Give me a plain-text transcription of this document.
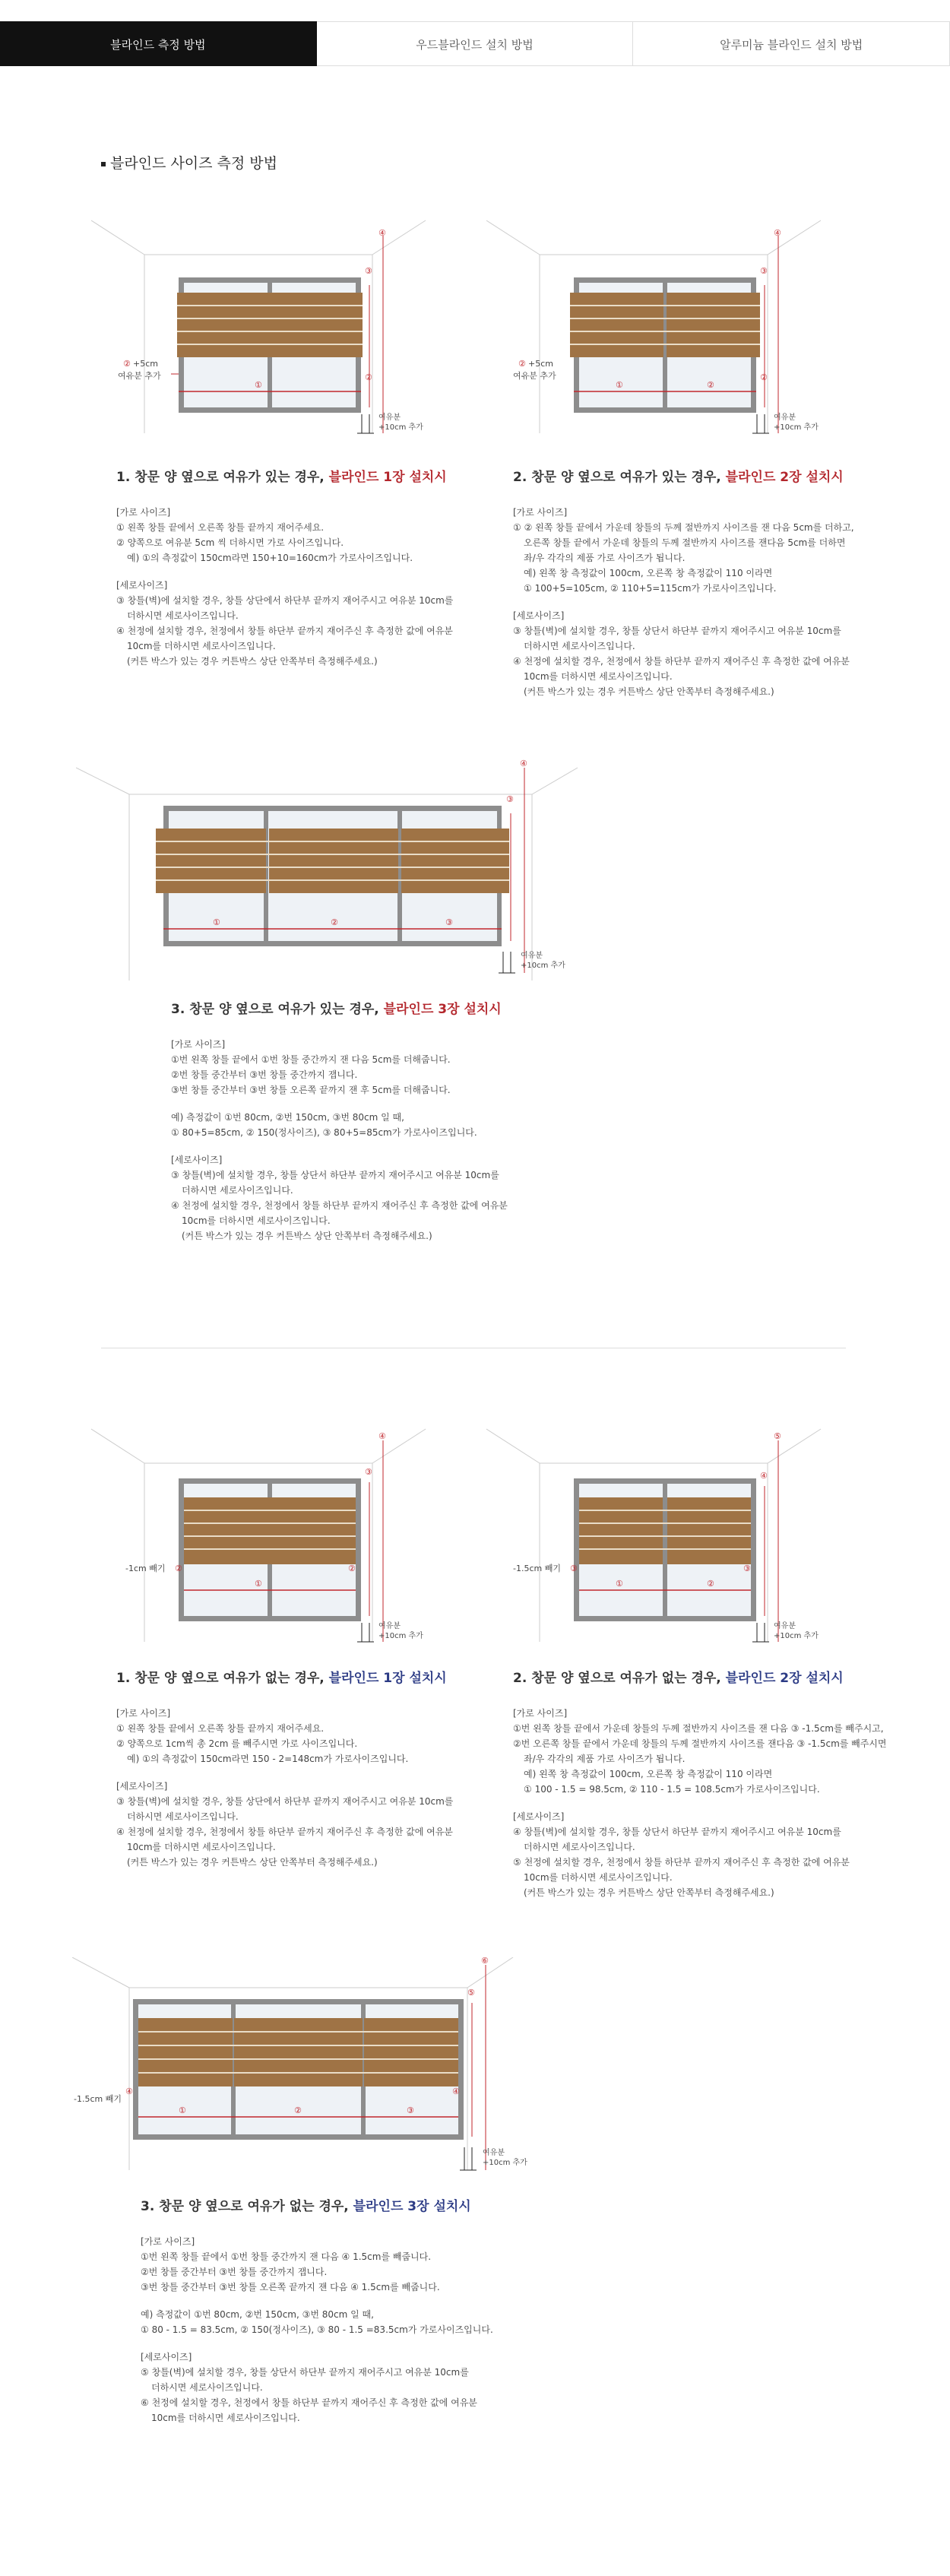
블라인드 측정 방법	우드블라인드 설치 방법	알루미늄 블라인드 설치 방법
블라인드 사이즈 측정 방법
①
②
③
④
② +5cm
여유분 추가
여유분
+10cm 추가
①	②
②
③
④
② +5cm
여유분 추가
여유분
+10cm 추가
1. 창문 양 옆으로 여유가 있는 경우, 블라인드 1장 설치시

[가로 사이즈]

① 왼쪽 창틀 끝에서 오른쪽 창틀 끝까지 재어주세요.

② 양쪽으로 여유분 5cm 씩 더하시면 가로 사이즈입니다.

예) ①의 측정값이 150cm라면 150+10=160cm가 가로사이즈입니다.

[세로사이즈]

③ 창틀(벽)에 설치할 경우, 창틀 상단에서 하단부 끝까지 재어주시고 여유분 10cm를

더하시면 세로사이즈입니다.

④ 천정에 설치할 경우, 천정에서 창틀 하단부 끝까지 재어주신 후 측정한 값에 여유분

10cm를 더하시면 세로사이즈입니다.

(커튼 박스가 있는 경우 커튼박스 상단 안쪽부터 측정해주세요.)

2. 창문 양 옆으로 여유가 있는 경우, 블라인드 2장 설치시

[가로 사이즈]

① ② 왼쪽 창틀 끝에서 가운데 창틀의 두께 절반까지 사이즈를 잰 다음 5cm를 더하고,

오른쪽 창틀 끝에서 가운데 창틀의 두께 절반까지 사이즈를 잰다음 5cm를 더하면

좌/우 각각의 제품 가로 사이즈가 됩니다.

예) 왼쪽 창 측정값이 100cm, 오른쪽 창 측정값이 110 이라면

① 100+5=105cm, ② 110+5=115cm가 가로사이즈입니다.

[세로사이즈]

③ 창틀(벽)에 설치할 경우, 창틀 상단서 하단부 끝까지 재어주시고 여유분 10cm를

더하시면 세로사이즈입니다.

④ 천정에 설치할 경우, 천정에서 창틀 하단부 끝까지 재어주신 후 측정한 값에 여유분

10cm를 더하시면 세로사이즈입니다.

(커튼 박스가 있는 경우 커튼박스 상단 안쪽부터 측정해주세요.)

①	②	③
③
④
여유분
+10cm 추가
3. 창문 양 옆으로 여유가 있는 경우, 블라인드 3장 설치시

[가로 사이즈]

①번 왼쪽 창틀 끝에서 ①번 창틀 중간까지 잰 다음 5cm를 더해줍니다.

②번 창틀 중간부터 ③번 창틀 중간까지 잽니다.

③번 창틀 중간부터 ③번 창틀 오른쪽 끝까지 잰 후 5cm를 더해줍니다.

예) 측정값이 ①번 80cm, ②번 150cm, ③번 80cm 일 때,

① 80+5=85cm, ② 150(정사이즈), ③ 80+5=85cm가 가로사이즈입니다.

[세로사이즈]

③ 창틀(벽)에 설치할 경우, 창틀 상단서 하단부 끝까지 재어주시고 여유분 10cm를

더하시면 세로사이즈입니다.

④ 천정에 설치할 경우, 천정에서 창틀 하단부 끝까지 재어주신 후 측정한 값에 여유분

10cm를 더하시면 세로사이즈입니다.

(커튼 박스가 있는 경우 커튼박스 상단 안쪽부터 측정해주세요.)

①
②
②
③
④
-1cm 빼기
여유분
+10cm 추가
①	②
③	③
④
⑤
-1.5cm 빼기
여유분
+10cm 추가
1. 창문 양 옆으로 여유가 없는 경우, 블라인드 1장 설치시

[가로 사이즈]

① 왼쪽 창틀 끝에서 오른쪽 창틀 끝까지 재어주세요.

② 양쪽으로 1cm씩 총 2cm 를 빼주시면 가로 사이즈입니다.

예) ①의 측정값이 150cm라면 150 - 2=148cm가 가로사이즈입니다.

[세로사이즈]

③ 창틀(벽)에 설치할 경우, 창틀 상단에서 하단부 끝까지 재어주시고 여유분 10cm를

더하시면 세로사이즈입니다.

④ 천정에 설치할 경우, 천정에서 창틀 하단부 끝까지 재어주신 후 측정한 값에 여유분

10cm를 더하시면 세로사이즈입니다.

(커튼 박스가 있는 경우 커튼박스 상단 안쪽부터 측정해주세요.)

2. 창문 양 옆으로 여유가 없는 경우, 블라인드 2장 설치시

[가로 사이즈]

①번 왼쪽 창틀 끝에서 가운데 창틀의 두께 절반까지 사이즈를 잰 다음 ③ -1.5cm를 빼주시고,

②번 오른쪽 창틀 끝에서 가운데 창틀의 두께 절반까지 사이즈를 잰다음 ③ -1.5cm를 빼주시면

좌/우 각각의 제품 가로 사이즈가 됩니다.

예) 왼쪽 창 측정값이 100cm, 오른쪽 창 측정값이 110 이라면

① 100 - 1.5 = 98.5cm, ② 110 - 1.5 = 108.5cm가 가로사이즈입니다.

[세로사이즈]

④ 창틀(벽)에 설치할 경우, 창틀 상단서 하단부 끝까지 재어주시고 여유분 10cm를

더하시면 세로사이즈입니다.

⑤ 천정에 설치할 경우, 천정에서 창틀 하단부 끝까지 재어주신 후 측정한 값에 여유분

10cm를 더하시면 세로사이즈입니다.

(커튼 박스가 있는 경우 커튼박스 상단 안쪽부터 측정해주세요.)

①	②	③
④	④
⑤
⑥
-1.5cm 빼기
여유분
+10cm 추가
3. 창문 양 옆으로 여유가 없는 경우, 블라인드 3장 설치시

[가로 사이즈]

①번 왼쪽 창틀 끝에서 ①번 창틀 중간까지 잰 다음 ④ 1.5cm를 빼줍니다.

②번 창틀 중간부터 ③번 창틀 중간까지 잽니다.

③번 창틀 중간부터 ③번 창틀 오른쪽 끝까지 잰 다음 ④ 1.5cm를 빼줍니다.

예) 측정값이 ①번 80cm, ②번 150cm, ③번 80cm 일 때,

① 80 - 1.5 = 83.5cm, ② 150(정사이즈), ③ 80 - 1.5 =83.5cm가 가로사이즈입니다.

[세로사이즈]

⑤ 창틀(벽)에 설치할 경우, 창틀 상단서 하단부 끝까지 재어주시고 여유분 10cm를

더하시면 세로사이즈입니다.

⑥ 천정에 설치할 경우, 천정에서 창틀 하단부 끝까지 재어주신 후 측정한 값에 여유분

10cm를 더하시면 세로사이즈입니다.
